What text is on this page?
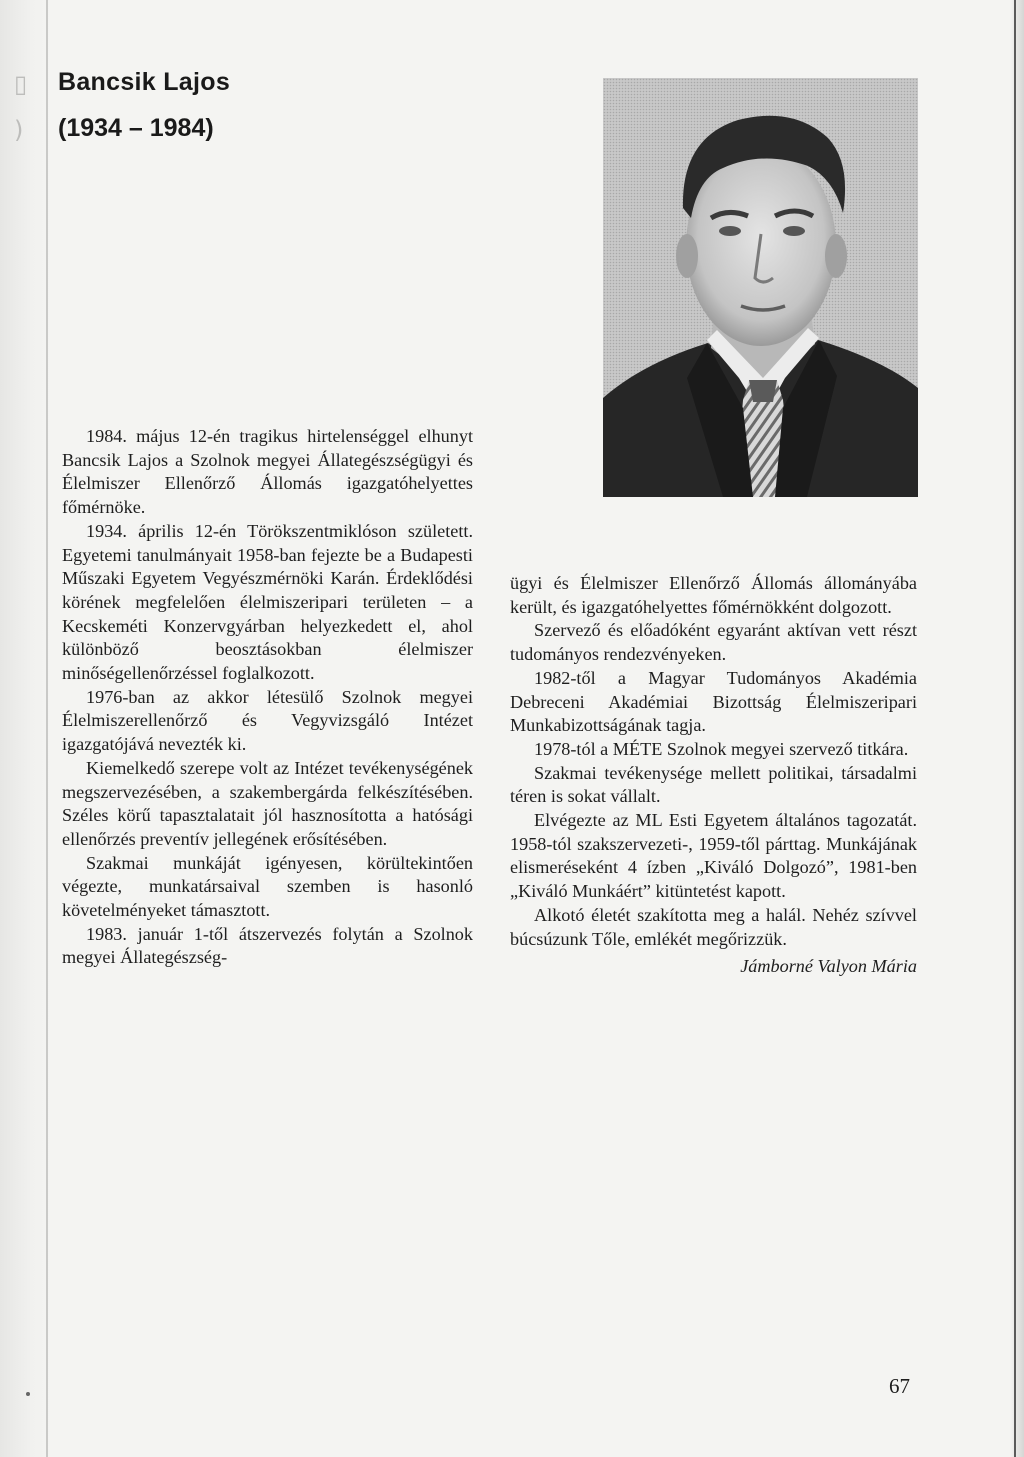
▯
)
Bancsik Lajos
(1934 – 1984)

1984. május 12-én tragikus hirtelenséggel elhunyt Bancsik Lajos a Szolnok megyei Állategészségügyi és Élelmiszer Ellenőrző Állomás igazgatóhelyettes főmérnöke.

1934. április 12-én Törökszentmiklóson született. Egyetemi tanulmányait 1958-ban fejezte be a Budapesti Műszaki Egyetem Vegyészmérnöki Karán. Érdeklődési körének megfelelően élelmiszeripari területen – a Kecskeméti Konzervgyárban helyezkedett el, ahol különböző beosztásokban élelmiszer minőségellenőrzéssel foglalkozott.

1976-ban az akkor létesülő Szolnok megyei Élelmiszerellenőrző és Vegyvizsgáló Intézet igazgatójává nevezték ki.

Kiemelkedő szerepe volt az Intézet tevékenységének megszervezésében, a szakembergárda felkészítésében. Széles körű tapasztalatait jól hasznosította a hatósági ellenőrzés preventív jellegének erősítésében.

Szakmai munkáját igényesen, körültekintően végezte, munkatársaival szemben is hasonló követelményeket támasztott.

1983. január 1-től átszervezés folytán a Szolnok megyei Állategészség-

ügyi és Élelmiszer Ellenőrző Állomás állományába került, és igazgatóhelyettes főmérnökként dolgozott.

Szervező és előadóként egyaránt aktívan vett részt tudományos rendezvényeken.

1982-től a Magyar Tudományos Akadémia Debreceni Akadémiai Bizottság Élelmiszeripari Munkabizottságának tagja.

1978-tól a MÉTE Szolnok megyei szervező titkára.

Szakmai tevékenysége mellett politikai, társadalmi téren is sokat vállalt.

Elvégezte az ML Esti Egyetem általános tagozatát. 1958-tól szakszervezeti-, 1959-től párttag. Munkájának elismeréseként 4 ízben „Kiváló Dolgozó”, 1981-ben „Kiváló Munkáért” kitüntetést kapott.

Alkotó életét szakította meg a halál. Nehéz szívvel búcsúzunk Tőle, emlékét megőrizzük.

Jámborné Valyon Mária

67
